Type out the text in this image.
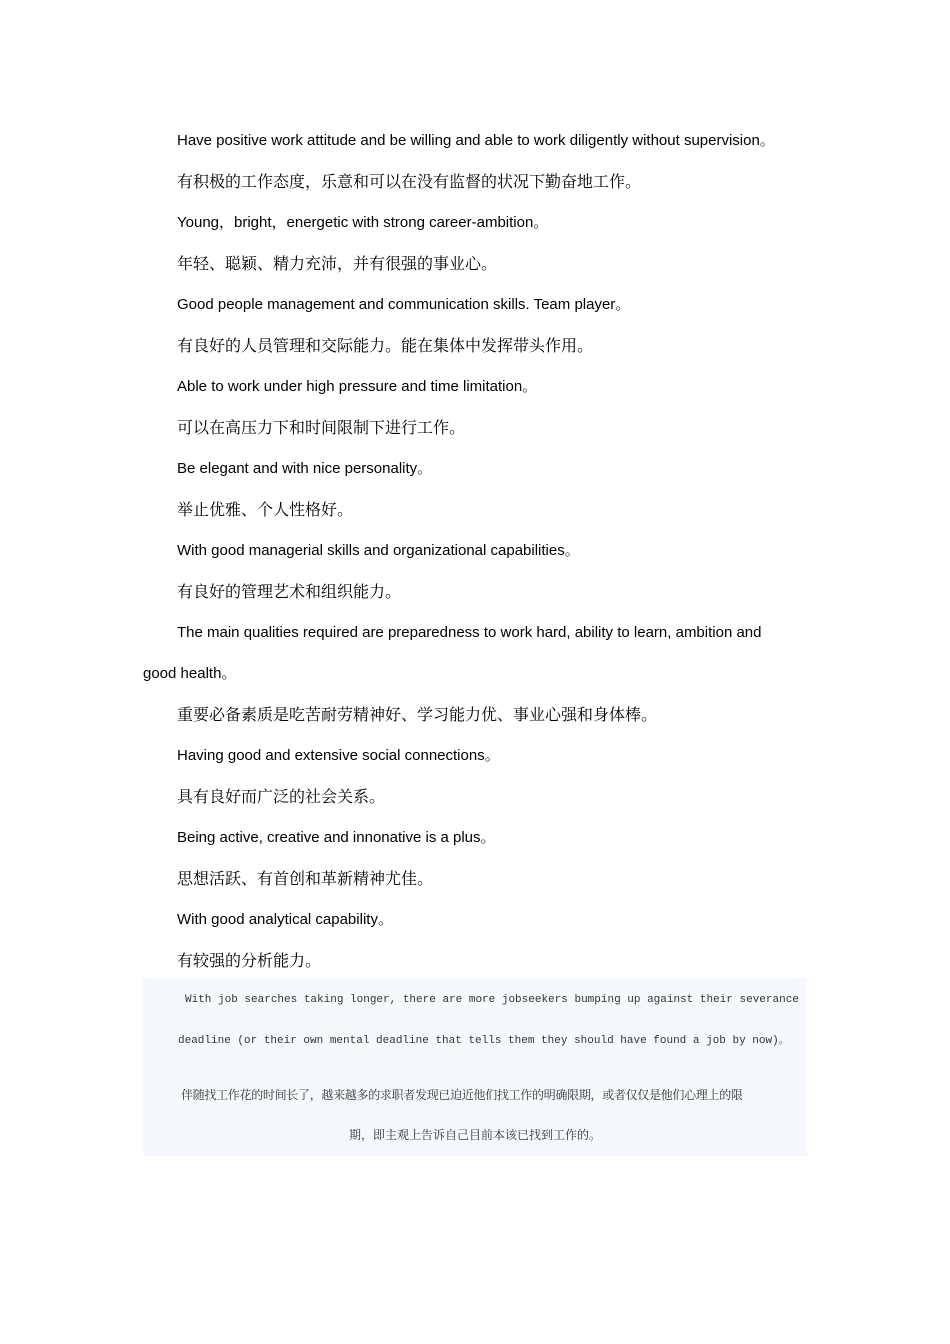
Have positive work attitude and be willing and able to work diligently without supervision。

有积极的工作态度，乐意和可以在没有监督的状况下勤奋地工作。

Young，bright，energetic with strong career-ambition。

年轻、聪颖、精力充沛，并有很强的事业心。

Good people management and communication skills. Team player。

有良好的人员管理和交际能力。能在集体中发挥带头作用。

Able to work under high pressure and time limitation。

可以在高压力下和时间限制下进行工作。

Be elegant and with nice personality。

举止优雅、个人性格好。

With good managerial skills and organizational capabilities。

有良好的管理艺术和组织能力。

The main qualities required are preparedness to work hard, ability to learn, ambition and

good health。

重要必备素质是吃苦耐劳精神好、学习能力优、事业心强和身体棒。

Having good and extensive social connections。

具有良好而广泛的社会关系。

Being active, creative and innonative is a plus。

思想活跃、有首创和革新精神尤佳。

With good analytical capability。

有较强的分析能力。

With job searches taking longer, there are more jobseekers bumping up against their severance

deadline (or their own mental deadline that tells them they should have found a job by now)。

伴随找工作花的时间长了，越来越多的求职者发现已迫近他们找工作的明确限期，或者仅仅是他们心理上的限

期，即主观上告诉自己目前本该已找到工作的。
